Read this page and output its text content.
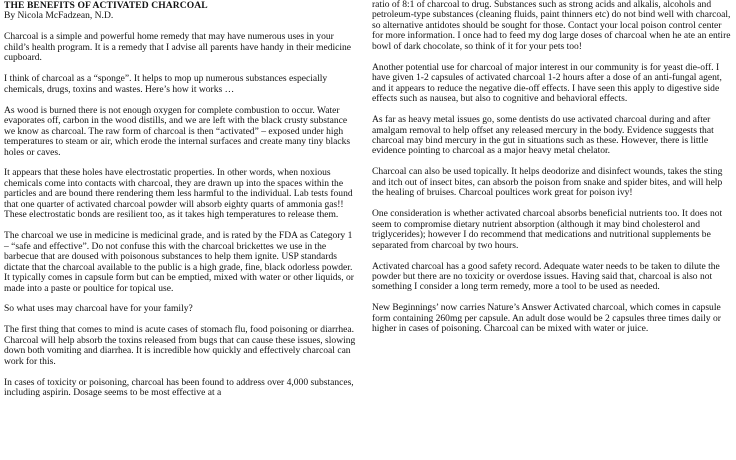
THE BENEFITS OF ACTIVATED CHARCOAL
By Nicola McFadzean, N.D.

Charcoal is a simple and powerful home remedy that may have numerous uses in your child’s health program. It is a remedy that I advise all parents have handy in their medicine cupboard.

I think of charcoal as a “sponge”. It helps to mop up numerous substances especially chemicals, drugs, toxins and wastes. Here’s how it works …

As wood is burned there is not enough oxygen for complete combustion to occur. Water evaporates off, carbon in the wood distills, and we are left with the black crusty substance we know as charcoal. The raw form of charcoal is then “activated” – exposed under high temperatures to steam or air, which erode the internal surfaces and create many tiny blacks holes or caves.

It appears that these holes have electrostatic properties. In other words, when noxious chemicals come into contacts with charcoal, they are drawn up into the spaces within the particles and are bound there rendering them less harmful to the individual. Lab tests found that one quarter of activated charcoal powder will absorb eighty quarts of ammonia gas!! These electrostatic bonds are resilient too, as it takes high temperatures to release them.

The charcoal we use in medicine is medicinal grade, and is rated by the FDA as Category 1 – “safe and effective”. Do not confuse this with the charcoal brickettes we use in the barbecue that are doused with poisonous substances to help them ignite. USP standards dictate that the charcoal available to the public is a high grade, fine, black odorless powder. It typically comes in capsule form but can be emptied, mixed with water or other liquids, or made into a paste or poultice for topical use.

So what uses may charcoal have for your family?

The first thing that comes to mind is acute cases of stomach flu, food poisoning or diarrhea. Charcoal will help absorb the toxins released from bugs that can cause these issues, slowing down both vomiting and diarrhea. It is incredible how quickly and effectively charcoal can work for this.

In cases of toxicity or poisoning, charcoal has been found to address over 4,000 substances, including aspirin. Dosage seems to be most effective at a

ratio of 8:1 of charcoal to drug. Substances such as strong acids and alkalis, alcohols and petroleum-type substances (cleaning fluids, paint thinners etc) do not bind well with charcoal, so alternative antidotes should be sought for those. Contact your local poison control center for more information. I once had to feed my dog large doses of charcoal when he ate an entire bowl of dark chocolate, so think of it for your pets too!

Another potential use for charcoal of major interest in our community is for yeast die-off. I have given 1-2 capsules of activated charcoal 1-2 hours after a dose of an anti-fungal agent, and it appears to reduce the negative die-off effects. I have seen this apply to digestive side effects such as nausea, but also to cognitive and behavioral effects.

As far as heavy metal issues go, some dentists do use activated charcoal during and after amalgam removal to help offset any released mercury in the body. Evidence suggests that charcoal may bind mercury in the gut in situations such as these. However, there is little evidence pointing to charcoal as a major heavy metal chelator.

Charcoal can also be used topically. It helps deodorize and disinfect wounds, takes the sting and itch out of insect bites, can absorb the poison from snake and spider bites, and will help the healing of bruises. Charcoal poultices work great for poison ivy!

One consideration is whether activated charcoal absorbs beneficial nutrients too. It does not seem to compromise dietary nutrient absorption (although it may bind cholesterol and triglycerides); however I do recommend that medications and nutritional supplements be separated from charcoal by two hours.

Activated charcoal has a good safety record. Adequate water needs to be taken to dilute the powder but there are no toxicity or overdose issues. Having said that, charcoal is also not something I consider a long term remedy, more a tool to be used as needed.

New Beginnings’ now carries Nature’s Answer Activated charcoal, which comes in capsule form containing 260mg per capsule. An adult dose would be 2 capsules three times daily or higher in cases of poisoning. Charcoal can be mixed with water or juice.
